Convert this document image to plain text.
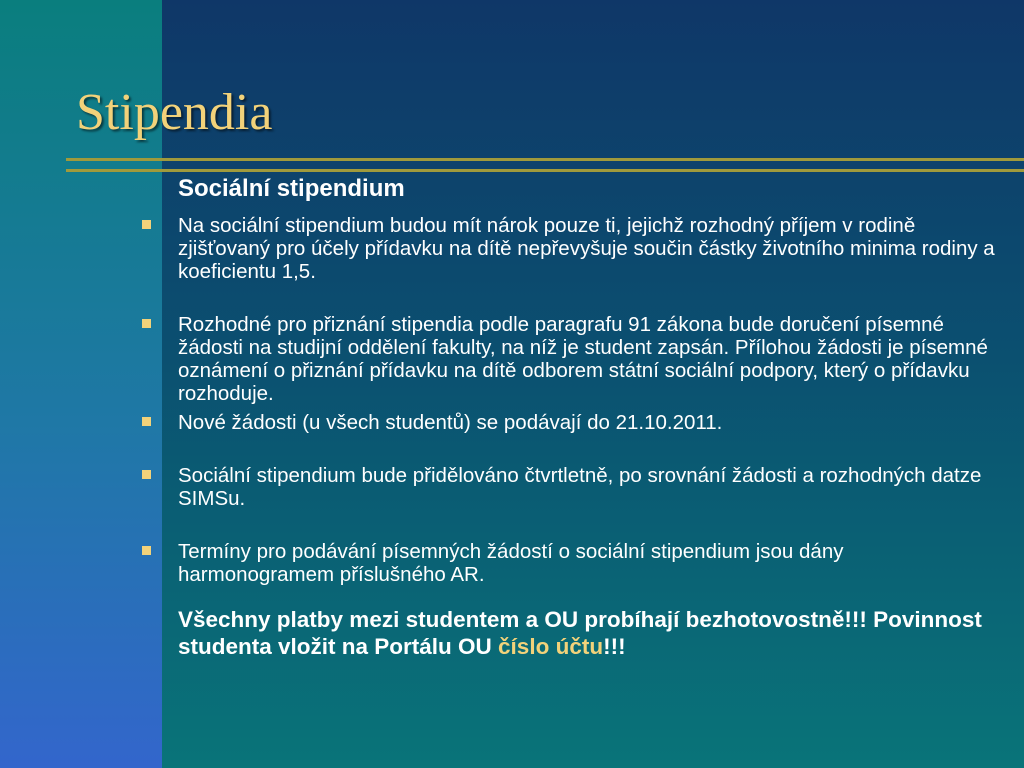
Stipendia
Sociální stipendium
Na sociální stipendium budou mít nárok pouze ti, jejichž rozhodný příjem v rodině zjišťovaný pro účely přídavku na dítě nepřevyšuje součin částky životního minima rodiny a koeficientu 1,5.
Rozhodné pro přiznání stipendia podle paragrafu 91 zákona bude doručení písemné žádosti na studijní oddělení fakulty, na níž je student zapsán. Přílohou žádosti je písemné oznámení o přiznání přídavku na dítě odborem státní sociální podpory, který o přídavku rozhoduje.
Nové žádosti (u všech studentů) se podávají do 21.10.2011.
Sociální stipendium bude přidělováno čtvrtletně, po srovnání žádosti a rozhodných datze SIMSu.
Termíny pro podávání písemných žádostí o sociální stipendium jsou dány harmonogramem příslušného AR.
Všechny platby mezi studentem a OU probíhají bezhotovostně!!! Povinnost studenta vložit na Portálu OU číslo účtu!!!
